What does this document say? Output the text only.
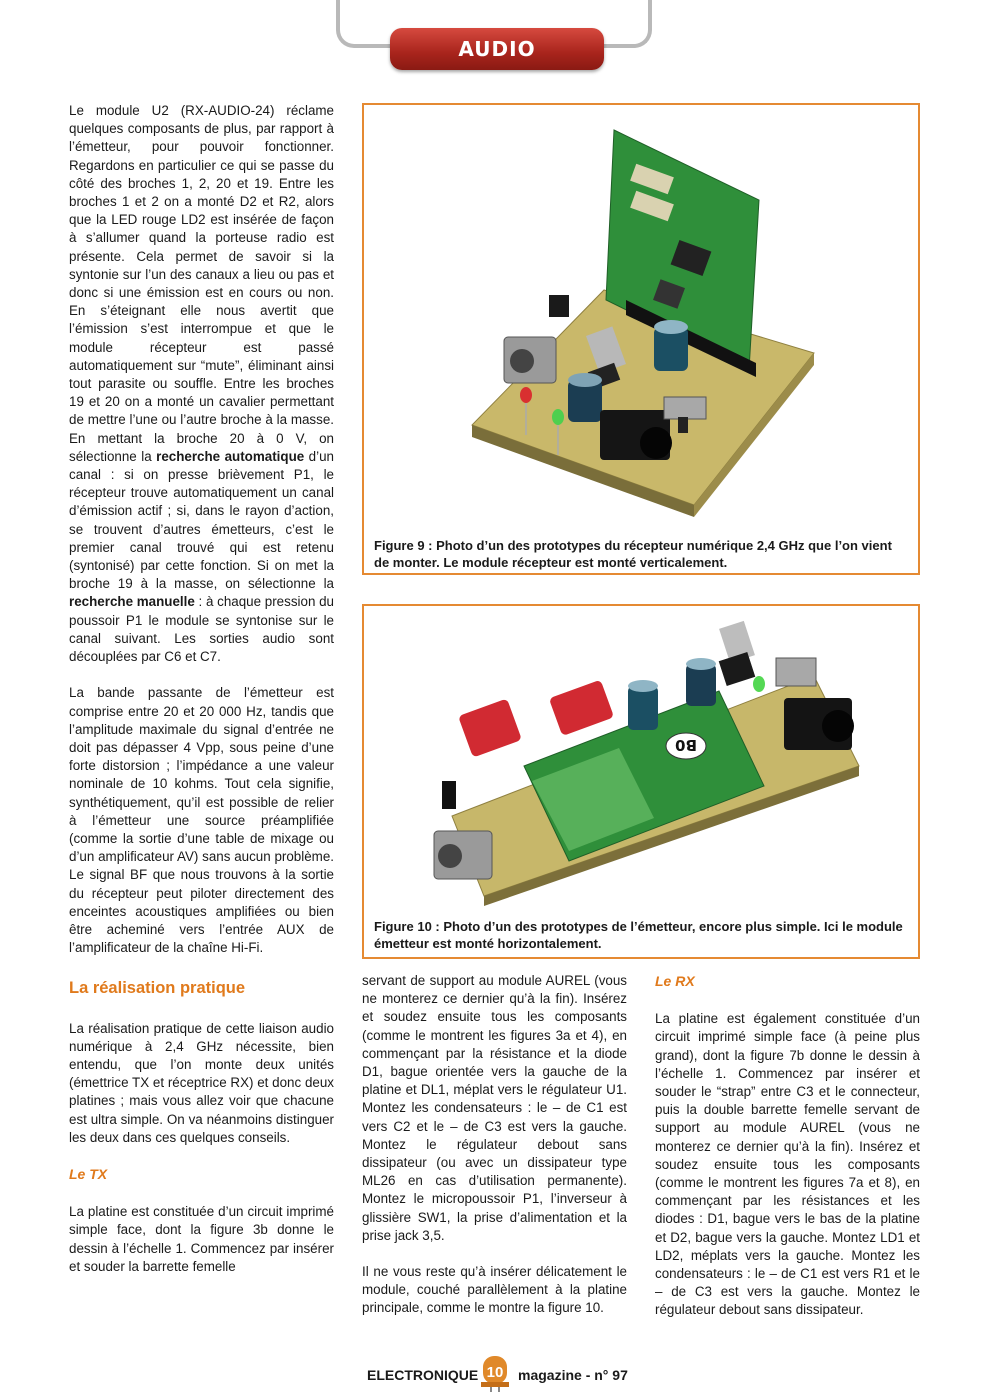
AUDIO

Le module U2 (RX-AUDIO-24) réclame quelques composants de plus, par rapport à l’émetteur, pour pouvoir fonctionner. Regardons en particulier ce qui se passe du côté des broches 1, 2, 20 et 19. Entre les broches 1 et 2 on a monté D2 et R2, alors que la LED rouge LD2 est insérée de façon à s’allumer quand la porteuse radio est présente. Cela permet de savoir si la syntonie sur l’un des canaux a lieu ou pas et donc si une émission est en cours ou non. En s’éteignant elle nous avertit que l’émission s’est interrompue et que le module récepteur est passé automatiquement sur “mute”, éliminant ainsi tout parasite ou souffle. Entre les broches 19 et 20 on a monté un cavalier permettant de mettre l’une ou l’autre broche à la masse. En mettant la broche 20 à 0 V, on sélectionne la recherche automatique d’un canal : si on presse brièvement P1, le récepteur trouve automatiquement un canal d’émission actif ; si, dans le rayon d’action, se trouvent d’autres émetteurs, c’est le premier canal trouvé qui est retenu (syntonisé) par cette fonction. Si on met la broche 19 à la masse, on sélectionne la recherche manuelle : à chaque pression du poussoir P1 le module se syntonise sur le canal suivant. Les sorties audio sont découplées par C6 et C7.

La bande passante de l’émetteur est comprise entre 20 et 20 000 Hz, tandis que l’amplitude maximale du signal d’entrée ne doit pas dépasser 4 Vpp, sous peine d’une forte distorsion ; l’impédance a une valeur nominale de 10 kohms. Tout cela signifie, synthétiquement, qu’il est possible de relier à l’émetteur une source préamplifiée (comme la sortie d’une table de mixage ou d’un amplificateur AV) sans aucun problème. Le signal BF que nous trouvons à la sortie du récepteur peut piloter directement des enceintes acoustiques amplifiées ou bien être acheminé vers l’entrée AUX de l’amplificateur de la chaîne Hi-Fi.

La réalisation pratique

La réalisation pratique de cette liaison audio numérique à 2,4 GHz nécessite, bien entendu, que l’on monte deux unités (émettrice TX et réceptrice RX) et donc deux platines ; mais vous allez voir que chacune est ultra simple. On va néanmoins distinguer les deux dans ces quelques conseils.

Le TX

La platine est constituée d’un circuit imprimé simple face, dont la figure 3b donne le dessin à l’échelle 1. Commencez par insérer et souder la barrette femelle

Figure 9 : Photo d’un des prototypes du récepteur numérique 2,4 GHz que l’on vient de monter. Le module récepteur est monté verticalement.
B0
Figure 10 : Photo d’un des prototypes de l’émetteur, encore plus simple. Ici le module émetteur est monté horizontalement.

servant de support au module AUREL (vous ne monterez ce dernier qu’à la fin). Insérez et soudez ensuite tous les composants (comme le montrent les figures 3a et 4), en commençant par la résistance et la diode D1, bague orientée vers la gauche de la platine et DL1, méplat vers le régulateur U1. Montez les condensateurs : le – de C1 est vers C2 et le – de C3 est vers la gauche. Montez le régulateur debout sans dissipateur (ou avec un dissipateur type ML26 en cas d’utilisation permanente). Montez le micropoussoir P1, l’inverseur à glissière SW1, la prise d’alimentation et la prise jack 3,5.

Il ne vous reste qu’à insérer délicatement le module, couché parallèlement à la platine principale, comme le montre la figure 10.

Le RX

La platine est également constituée d’un circuit imprimé simple face (à peine plus grand), dont la figure 7b donne le dessin à l’échelle 1. Commencez par insérer et souder le “strap” entre C3 et le connecteur, puis la double barrette femelle servant de support au module AUREL (vous ne monterez ce dernier qu’à la fin). Insérez et soudez ensuite tous les composants (comme le montrent les figures 7a et 8), en commençant par les résistances et les diodes : D1, bague vers le bas de la platine et D2, bague vers la gauche. Montez LD1 et LD2, méplats vers la gauche. Montez les condensateurs : le – de C1 est vers R1 et le – de C3 est vers la gauche. Montez le régulateur debout sans dissipateur.

ELECTRONIQUE 10	magazine - n° 97
